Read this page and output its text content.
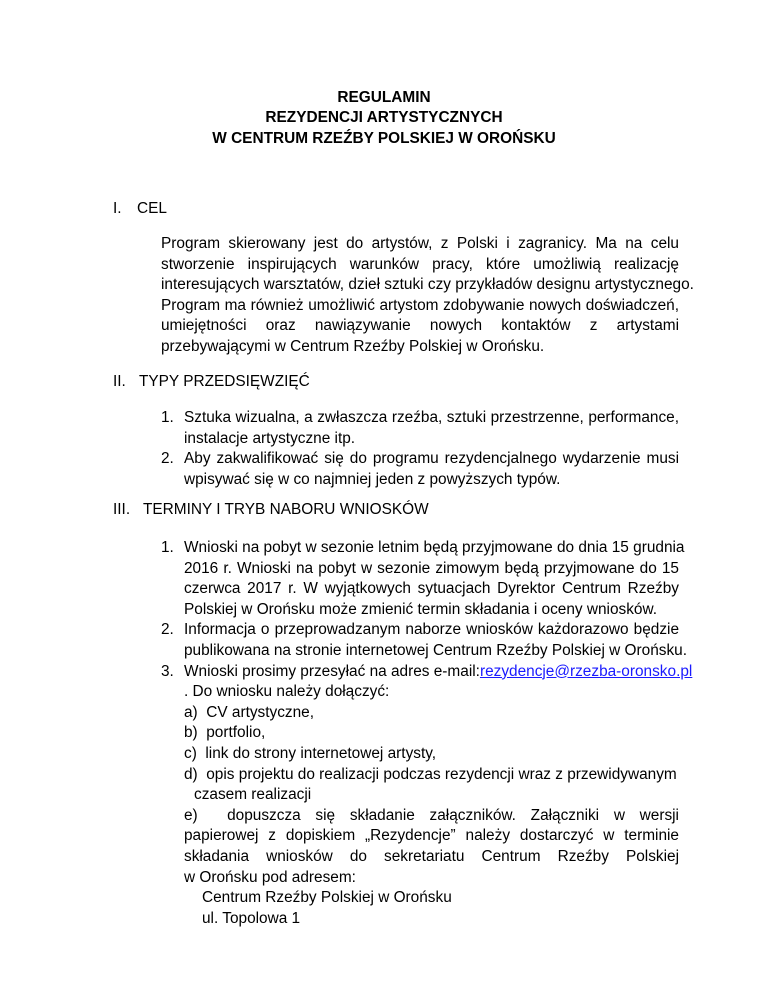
REGULAMIN
REZYDENCJI ARTYSTYCZNYCH
W CENTRUM RZEŹBY POLSKIEJ W OROŃSKU
I. CEL
Program skierowany jest do artystów, z Polski i zagranicy. Ma na celu
stworzenie inspirujących warunków pracy, które umożliwią realizację
interesujących warsztatów, dzieł sztuki czy przykładów designu artystycznego.
Program ma również umożliwić artystom zdobywanie nowych doświadczeń,
umiejętności oraz nawiązywanie nowych kontaktów z artystami
przebywającymi w Centrum Rzeźby Polskiej w Orońsku.
II. TYPY PRZEDSIĘWZIĘĆ
1. Sztuka wizualna, a zwłaszcza rzeźba, sztuki przestrzenne, performance,
instalacje artystyczne itp.
2. Aby zakwalifikować się do programu rezydencjalnego wydarzenie musi
wpisywać się w co najmniej jeden z powyższych typów.
III. TERMINY I TRYB NABORU WNIOSKÓW
1. Wnioski na pobyt w sezonie letnim będą przyjmowane do dnia 15 grudnia
2016 r. Wnioski na pobyt w sezonie zimowym będą przyjmowane do 15
czerwca 2017 r. W wyjątkowych sytuacjach Dyrektor Centrum Rzeźby
Polskiej w Orońsku może zmienić termin składania i oceny wniosków.
2. Informacja o przeprowadzanym naborze wniosków każdorazowo będzie
publikowana na stronie internetowej Centrum Rzeźby Polskiej w Orońsku.
3. Wnioski prosimy przesyłać na adres e-mail:rezydencje@rzezba-oronsko.pl
. Do wniosku należy dołączyć:
a) CV artystyczne,
b) portfolio,
c) link do strony internetowej artysty,
d) opis projektu do realizacji podczas rezydencji wraz z przewidywanym
czasem realizacji
e) dopuszcza się składanie załączników. Załączniki w wersji
papierowej z dopiskiem „Rezydencje” należy dostarczyć w terminie
składania wniosków do sekretariatu Centrum Rzeźby Polskiej
w Orońsku pod adresem:
Centrum Rzeźby Polskiej w Orońsku
ul. Topolowa 1
